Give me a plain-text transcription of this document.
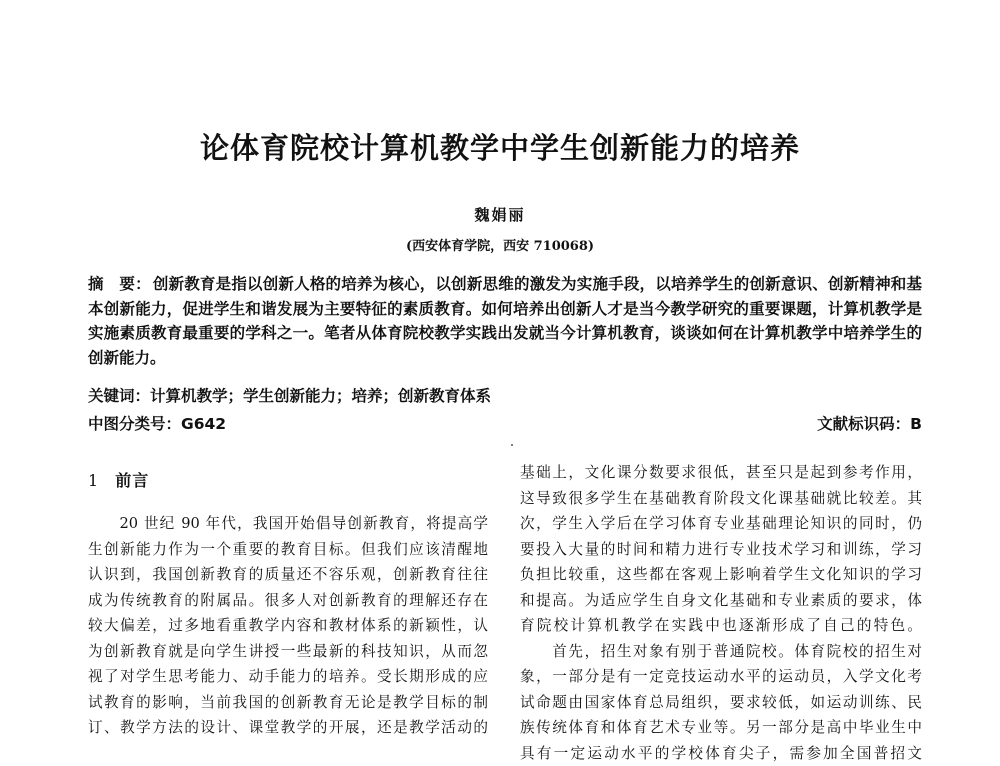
论体育院校计算机教学中学生创新能力的培养
魏娟丽
(西安体育学院，西安 710068)
摘　要： 创新教育是指以创新人格的培养为核心，以创新思维的激发为实施手段，以培养学生的创新意识、创新精神和基本创新能力，促进学生和谐发展为主要特征的素质教育。如何培养出创新人才是当今教学研究的重要课题，计算机教学是实施素质教育最重要的学科之一。笔者从体育院校教学实践出发就当今计算机教育，谈谈如何在计算机教学中培养学生的创新能力。
关键词：计算机教学；学生创新能力；培养；创新教育体系
中图分类号：G642	文献标识码：B
1 前言
　　20 世纪 90 年代，我国开始倡导创新教育，将提高学
生创新能力作为一个重要的教育目标。但我们应该清醒地
认识到，我国创新教育的质量还不容乐观，创新教育往往
成为传统教育的附属品。很多人对创新教育的理解还存在
较大偏差，过多地看重教学内容和教材体系的新颖性，认
为创新教育就是向学生讲授一些最新的科技知识，从而忽
视了对学生思考能力、动手能力的培养。受长期形成的应
试教育的影响，当前我国的创新教育无论是教学目标的制
订、教学方法的设计、课堂教学的开展，还是教学活动的
基础上，文化课分数要求很低，甚至只是起到参考作用，
这导致很多学生在基础教育阶段文化课基础就比较差。其
次，学生入学后在学习体育专业基础理论知识的同时，仍
要投入大量的时间和精力进行专业技术学习和训练，学习
负担比较重，这些都在客观上影响着学生文化知识的学习
和提高。为适应学生自身文化基础和专业素质的要求，体
育院校计算机教学在实践中也逐渐形成了自己的特色。
　　首先，招生对象有别于普通院校。体育院校的招生对
象，一部分是有一定竞技运动水平的运动员，入学文化考
试命题由国家体育总局组织，要求较低，如运动训练、民
族传统体育和体育艺术专业等。另一部分是高中毕业生中
具有一定运动水平的学校体育尖子，需参加全国普招文
